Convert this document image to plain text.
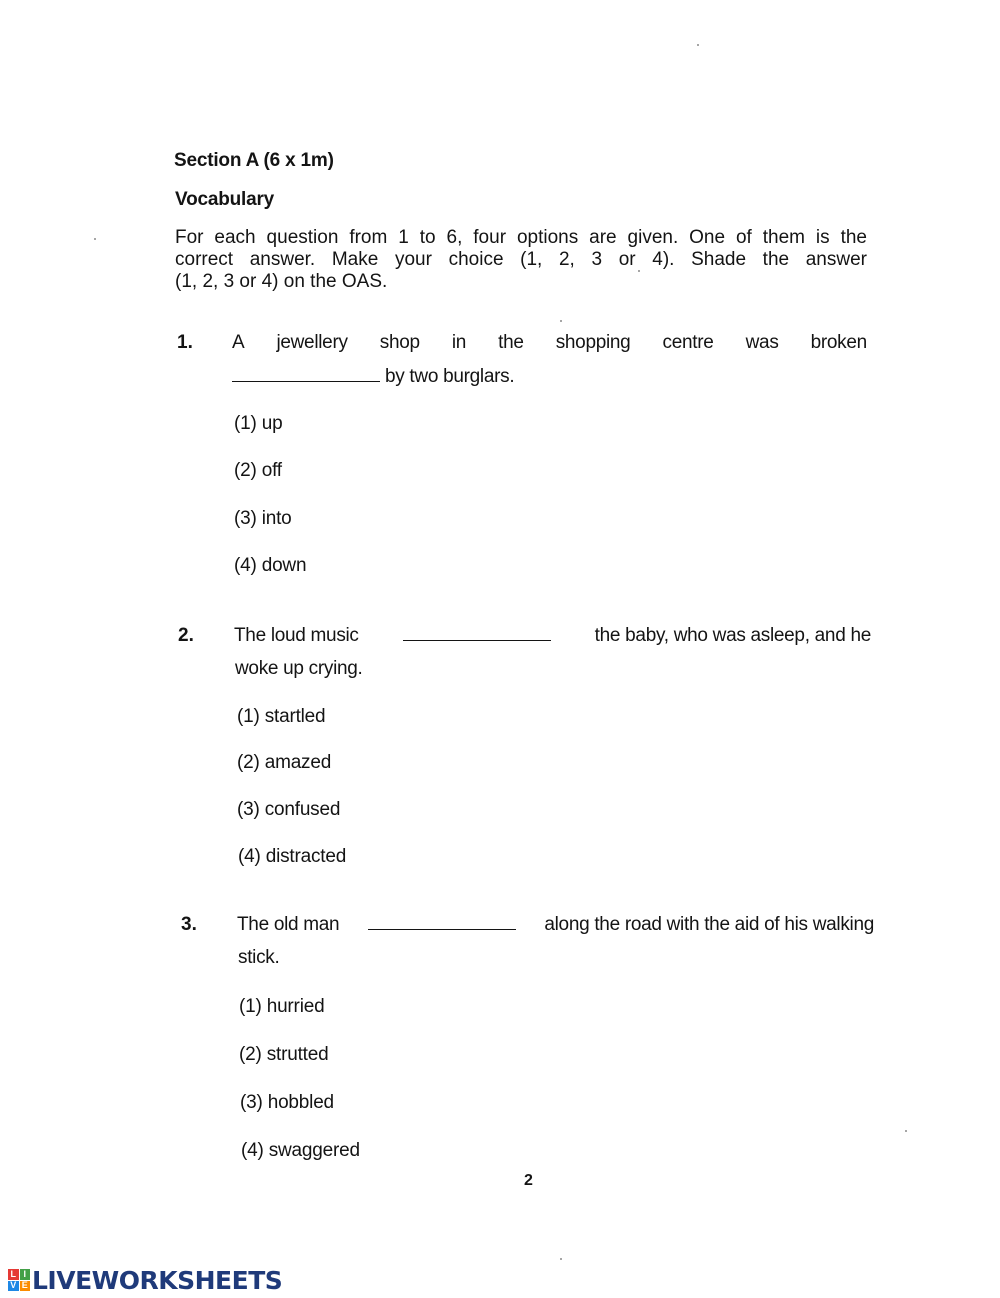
Section A (6 x 1m)
Vocabulary
For each question from 1 to 6, four options are given. One of them is the
correct answer. Make your choice (1, 2, 3 or 4). Shade the answer
(1, 2, 3 or 4) on the OAS.
1. A jewellery shop in the shopping centre was broken
by two burglars.
(1) up
(2) off
(3) into
(4) down
2. The loud music	the baby, who was asleep, and he
woke up crying.
(1) startled
(2) amazed
(3) confused
(4) distracted
3. The old man	along the road with the aid of his walking
stick.
(1) hurried
(2) strutted
(3) hobbled
(4) swaggered
2
L I
V E LIVEWORKSHEETS
